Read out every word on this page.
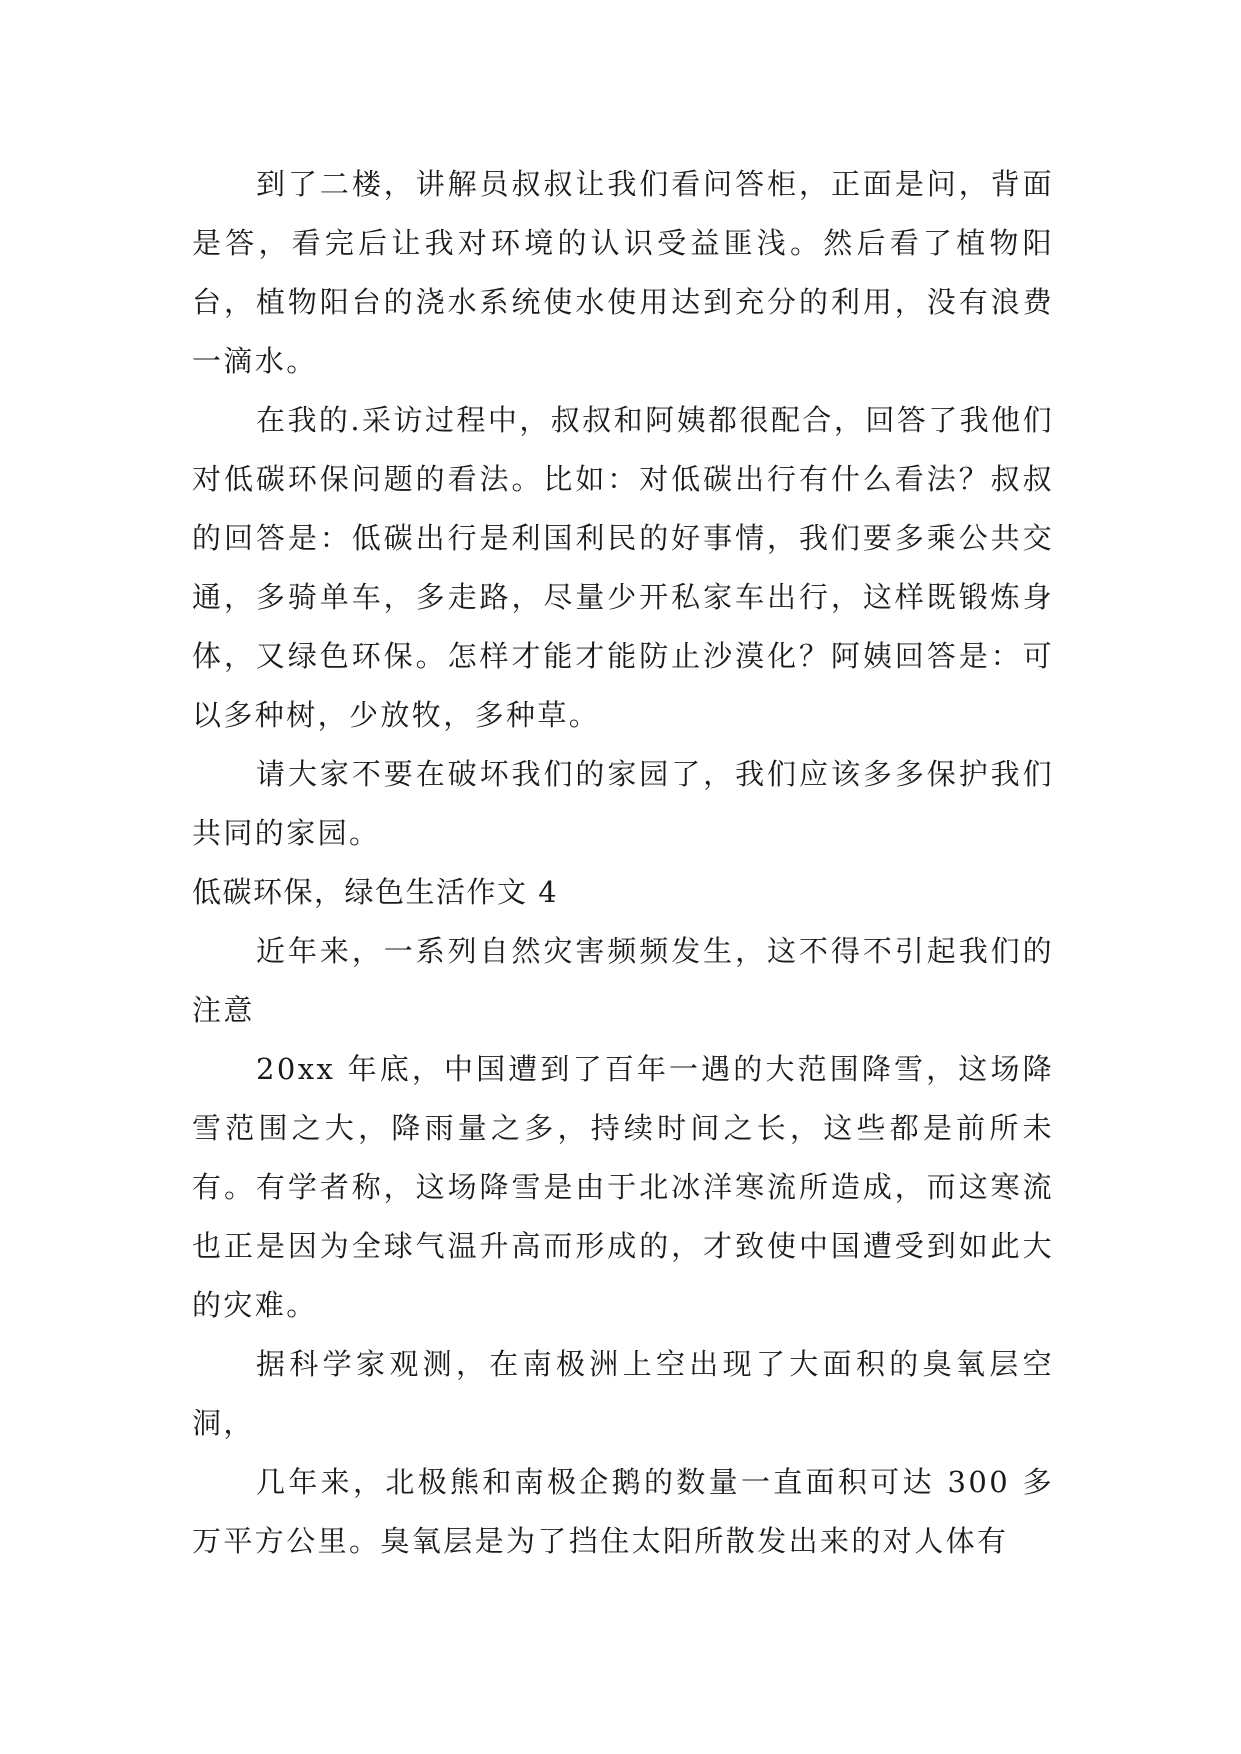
到了二楼，讲解员叔叔让我们看问答柜，正面是问，背面是答，看完后让我对环境的认识受益匪浅。然后看了植物阳台，植物阳台的浇水系统使水使用达到充分的利用，没有浪费一滴水。

在我的.采访过程中，叔叔和阿姨都很配合，回答了我他们对低碳环保问题的看法。比如：对低碳出行有什么看法？叔叔的回答是：低碳出行是利国利民的好事情，我们要多乘公共交通，多骑单车，多走路，尽量少开私家车出行，这样既锻炼身体，又绿色环保。怎样才能才能防止沙漠化？阿姨回答是：可以多种树，少放牧，多种草。

请大家不要在破坏我们的家园了，我们应该多多保护我们共同的家园。

低碳环保，绿色生活作文 4

近年来，一系列自然灾害频频发生，这不得不引起我们的注意

20xx 年底，中国遭到了百年一遇的大范围降雪，这场降雪范围之大，降雨量之多，持续时间之长，这些都是前所未有。有学者称，这场降雪是由于北冰洋寒流所造成，而这寒流也正是因为全球气温升高而形成的，才致使中国遭受到如此大的灾难。

据科学家观测，在南极洲上空出现了大面积的臭氧层空洞，

几年来，北极熊和南极企鹅的数量一直面积可达 300 多万平方公里。臭氧层是为了挡住太阳所散发出来的对人体有
